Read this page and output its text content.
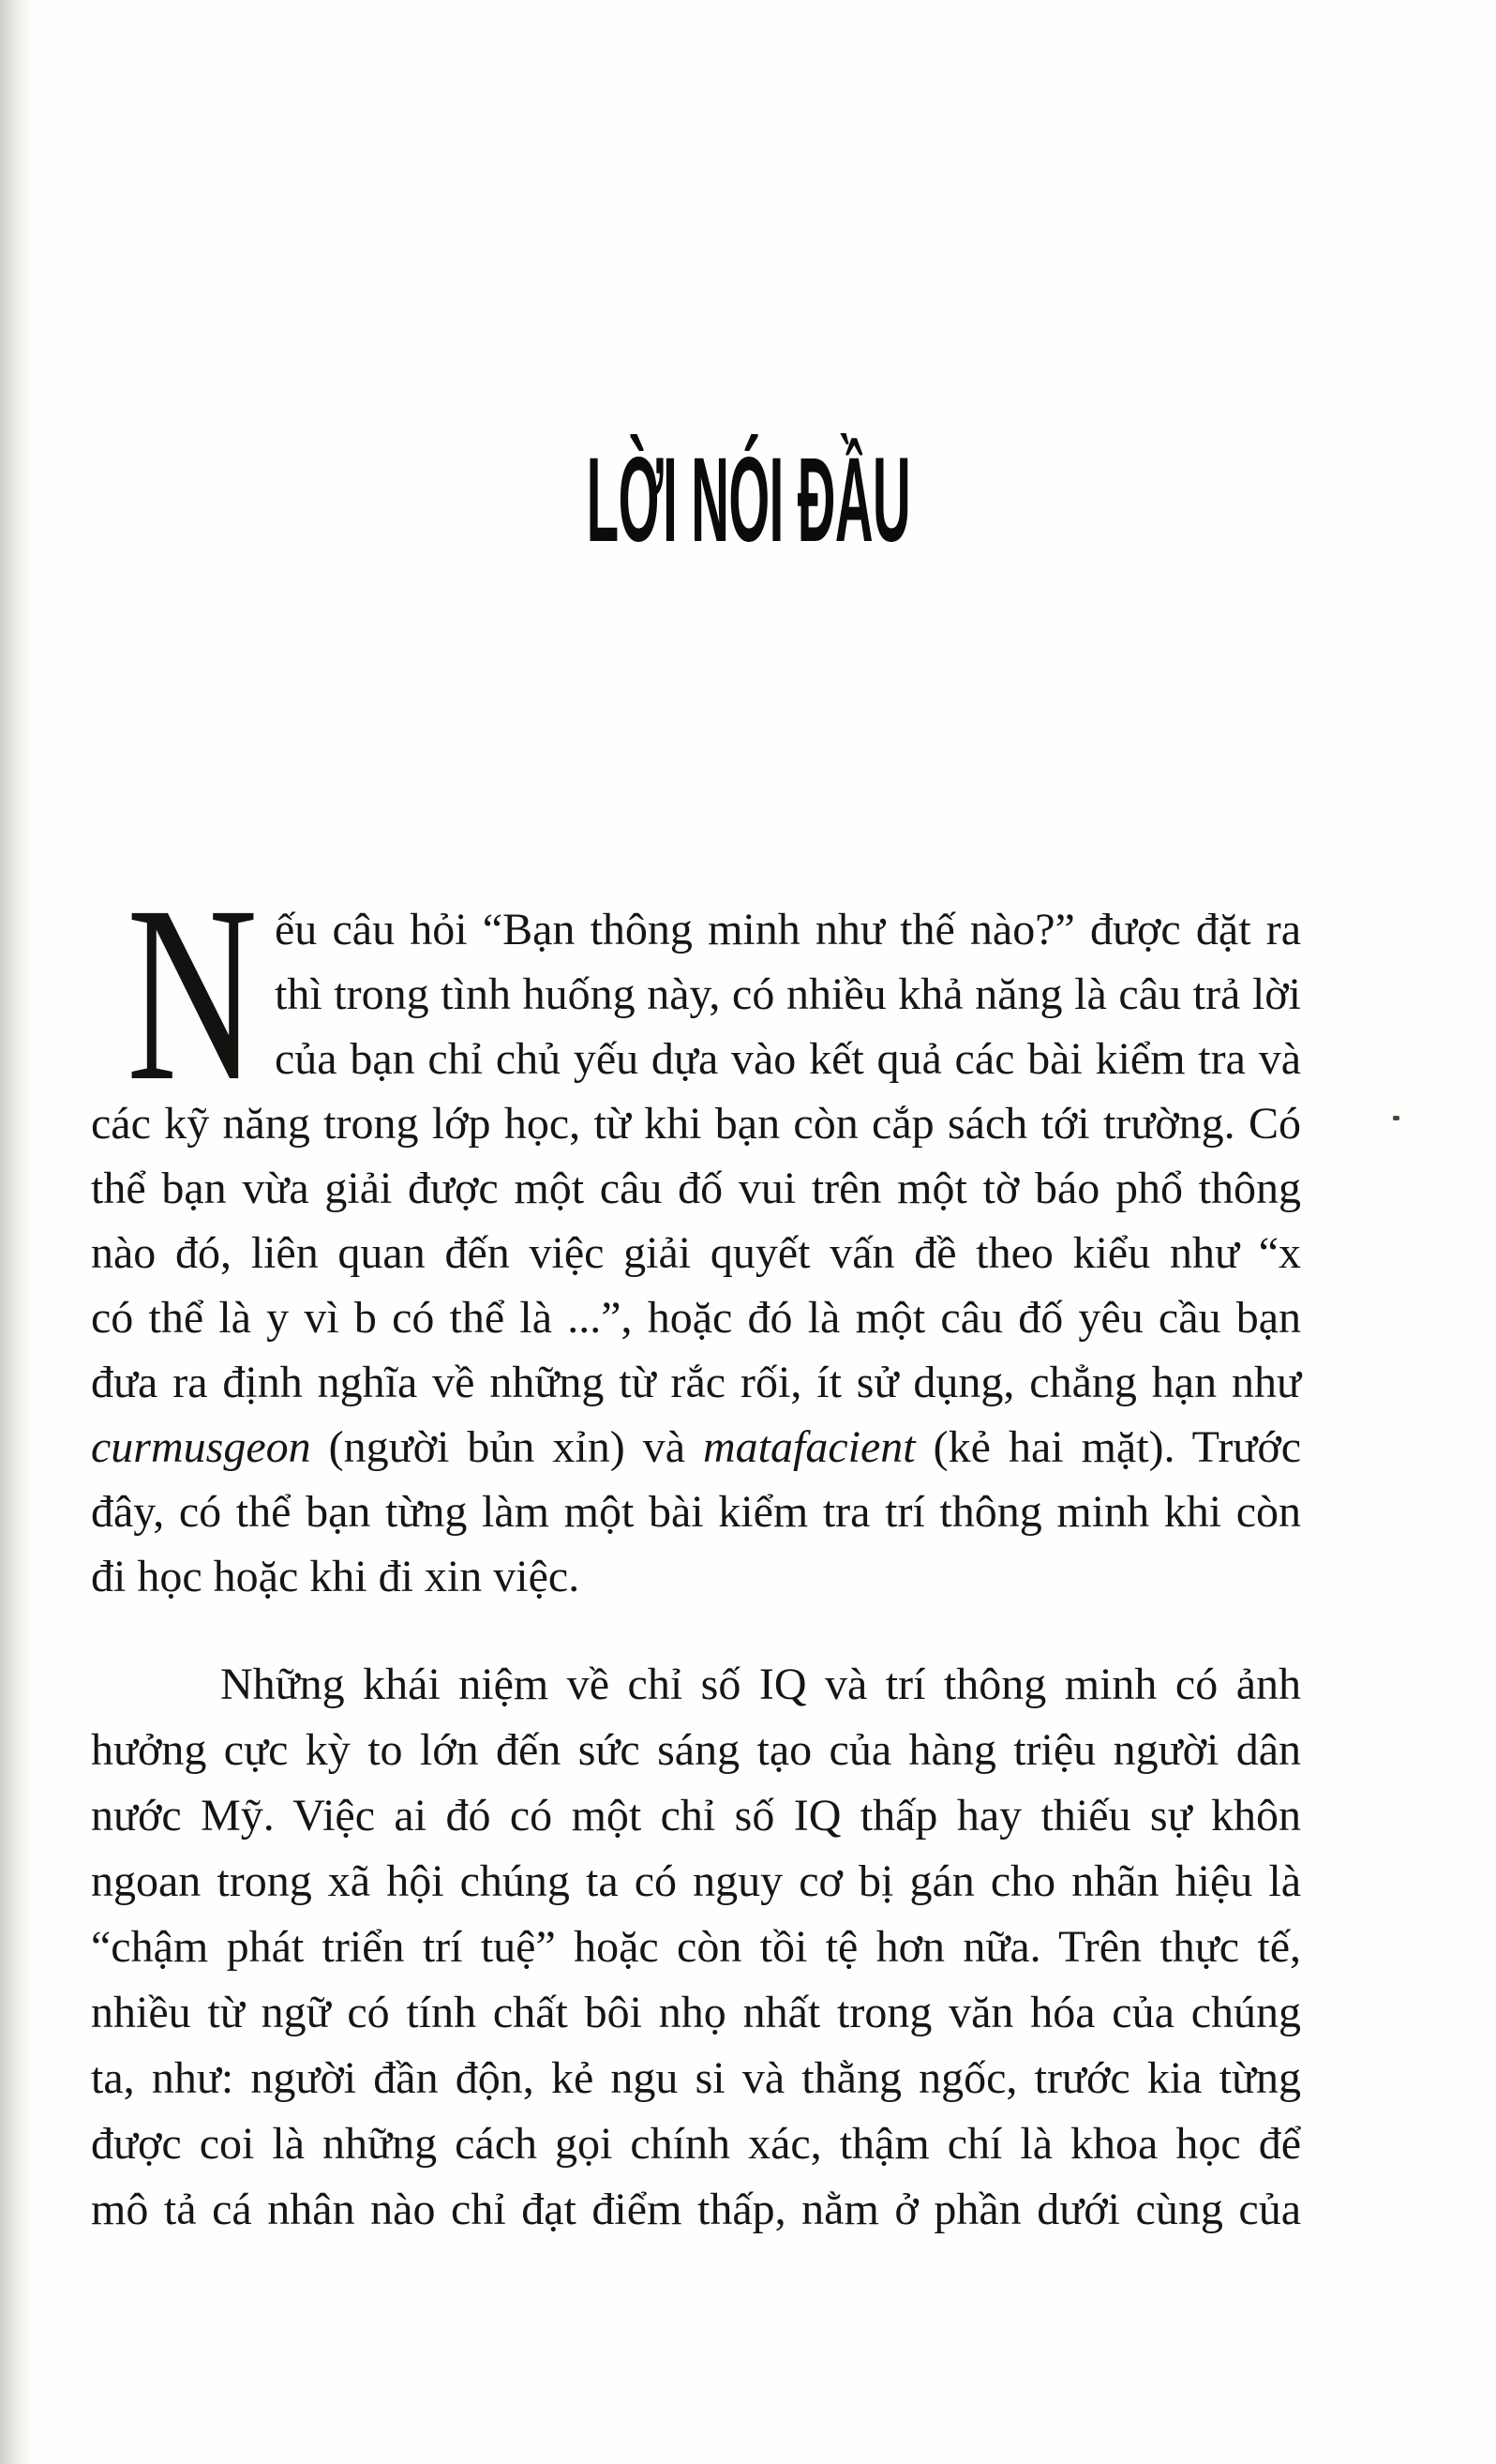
LỜI NÓI ĐẦU
N ếu câu hỏi “Bạn thông minh như thế nào?” được đặt ra
thì trong tình huống này, có nhiều khả năng là câu trả lời
của bạn chỉ chủ yếu dựa vào kết quả các bài kiểm tra và
các kỹ năng trong lớp học, từ khi bạn còn cắp sách tới trường. Có
thể bạn vừa giải được một câu đố vui trên một tờ báo phổ thông
nào đó, liên quan đến việc giải quyết vấn đề theo kiểu như “x
có thể là y vì b có thể là ...”, hoặc đó là một câu đố yêu cầu bạn
đưa ra định nghĩa về những từ rắc rối, ít sử dụng, chẳng hạn như
curmusgeon (người bủn xỉn) và matafacient (kẻ hai mặt). Trước
đây, có thể bạn từng làm một bài kiểm tra trí thông minh khi còn
đi học hoặc khi đi xin việc.
Những khái niệm về chỉ số IQ và trí thông minh có ảnh
hưởng cực kỳ to lớn đến sức sáng tạo của hàng triệu người dân
nước Mỹ. Việc ai đó có một chỉ số IQ thấp hay thiếu sự khôn
ngoan trong xã hội chúng ta có nguy cơ bị gán cho nhãn hiệu là
“chậm phát triển trí tuệ” hoặc còn tồi tệ hơn nữa. Trên thực tế,
nhiều từ ngữ có tính chất bôi nhọ nhất trong văn hóa của chúng
ta, như: người đần độn, kẻ ngu si và thằng ngốc, trước kia từng
được coi là những cách gọi chính xác, thậm chí là khoa học để
mô tả cá nhân nào chỉ đạt điểm thấp, nằm ở phần dưới cùng của
